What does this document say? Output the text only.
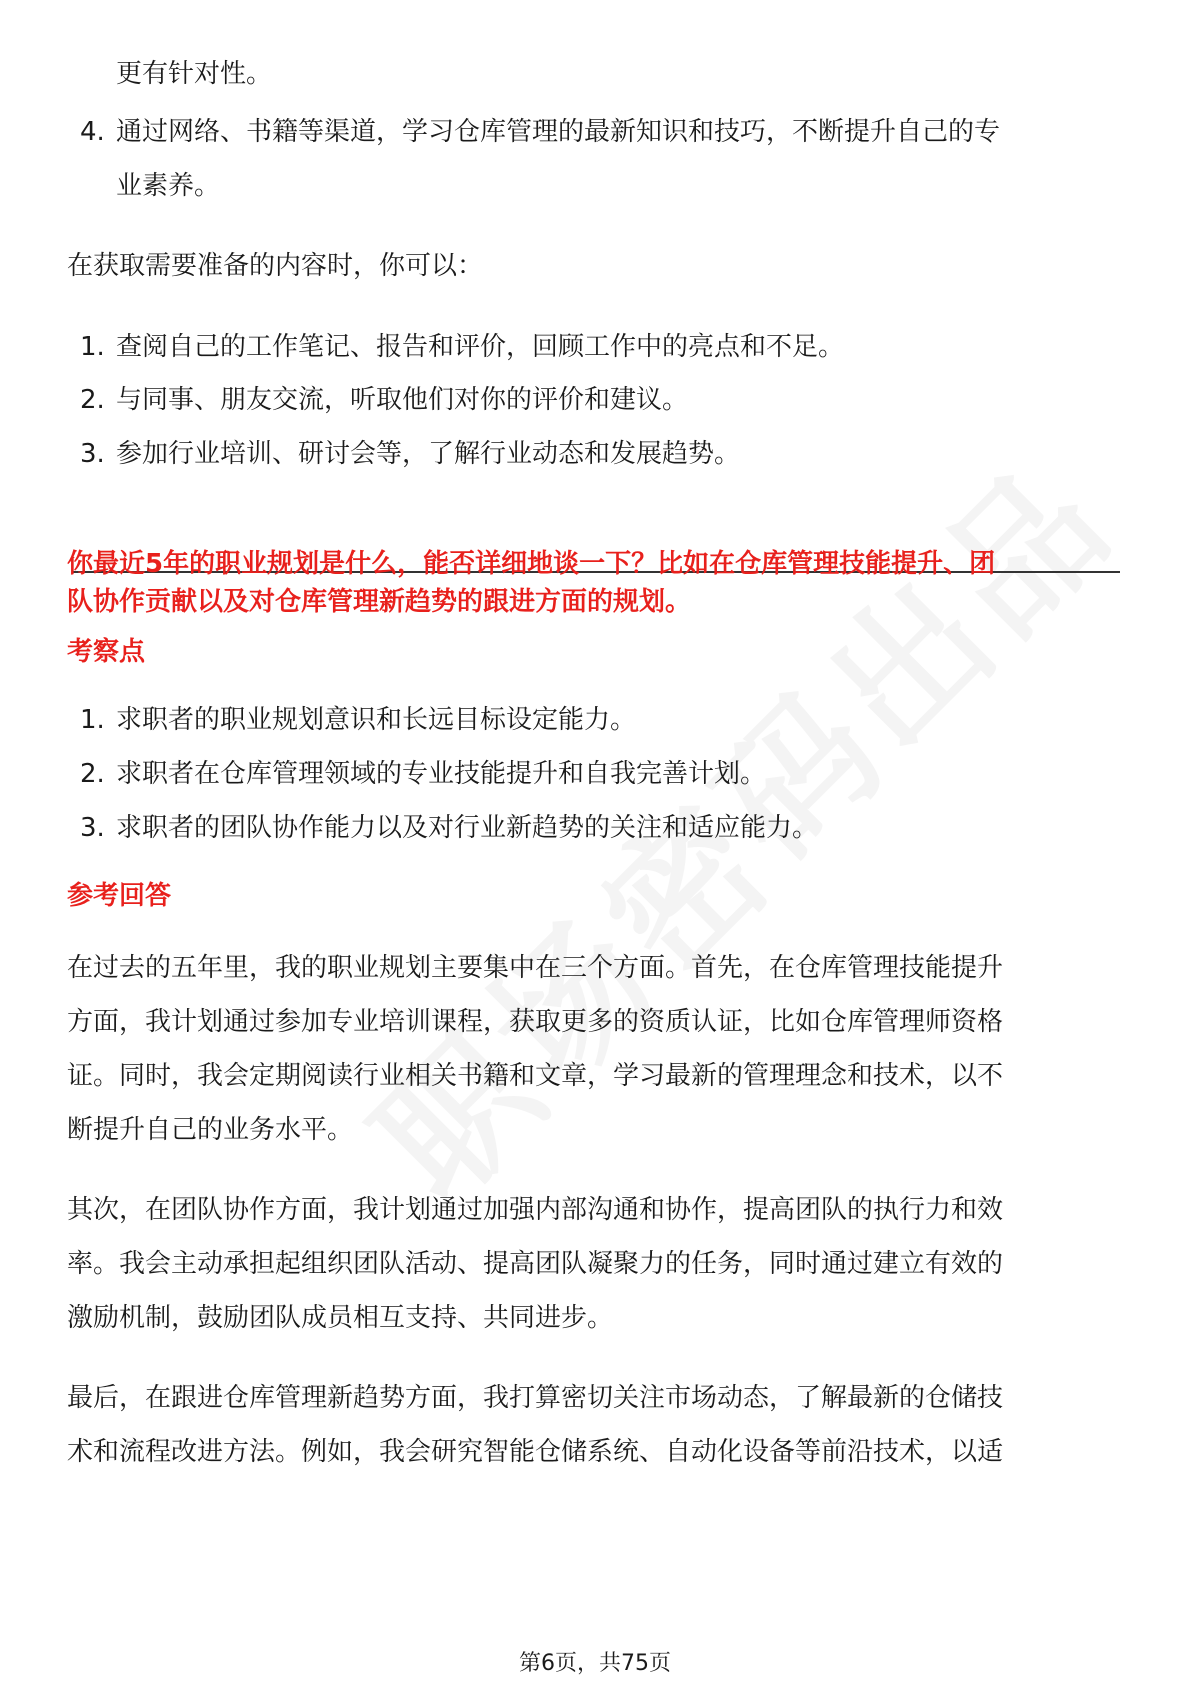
更有针对性。
4. 通过网络、书籍等渠道，学习仓库管理的最新知识和技巧，不断提升自己的专
业素养。
在获取需要准备的内容时，你可以：
1. 查阅自己的工作笔记、报告和评价，回顾工作中的亮点和不足。
2. 与同事、朋友交流，听取他们对你的评价和建议。
3. 参加行业培训、研讨会等，了解行业动态和发展趋势。
你最近5年的职业规划是什么，能否详细地谈一下？比如在仓库管理技能提升、团
队协作贡献以及对仓库管理新趋势的跟进方面的规划。
考察点
1. 求职者的职业规划意识和长远目标设定能力。
2. 求职者在仓库管理领域的专业技能提升和自我完善计划。
3. 求职者的团队协作能力以及对行业新趋势的关注和适应能力。
参考回答
在过去的五年里，我的职业规划主要集中在三个方面。首先，在仓库管理技能提升
方面，我计划通过参加专业培训课程，获取更多的资质认证，比如仓库管理师资格
证。同时，我会定期阅读行业相关书籍和文章，学习最新的管理理念和技术，以不
断提升自己的业务水平。
其次，在团队协作方面，我计划通过加强内部沟通和协作，提高团队的执行力和效
率。我会主动承担起组织团队活动、提高团队凝聚力的任务，同时通过建立有效的
激励机制，鼓励团队成员相互支持、共同进步。
最后，在跟进仓库管理新趋势方面，我打算密切关注市场动态，了解最新的仓储技
术和流程改进方法。例如，我会研究智能仓储系统、自动化设备等前沿技术，以适
第6页，共75页
